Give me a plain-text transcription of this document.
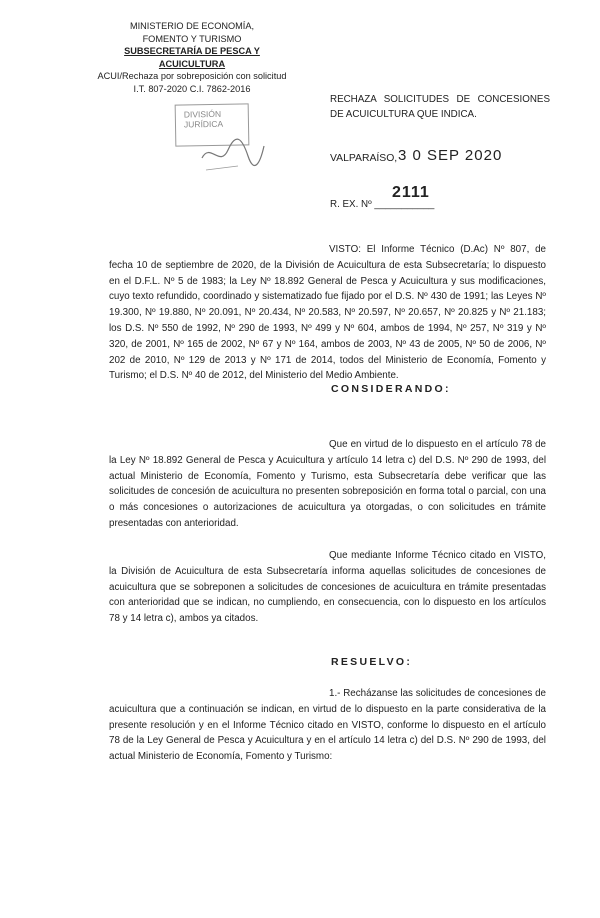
MINISTERIO DE ECONOMÍA,
FOMENTO Y TURISMO
SUBSECRETARÍA DE PESCA Y ACUICULTURA
ACUI/Rechaza por sobreposición con solicitud
I.T. 807-2020 C.I. 7862-2016
DIVISIÓN
JURÍDICA
RECHAZA SOLICITUDES DE CONCESIONES DE ACUICULTURA QUE INDICA.
VALPARAÍSO, 3 0 SEP 2020
2111
R. EX. Nº ___________

VISTO: El Informe Técnico (D.Ac) Nº 807, de fecha 10 de septiembre de 2020, de la División de Acuicultura de esta Subsecretaría; lo dispuesto en el D.F.L. Nº 5 de 1983; la Ley Nº 18.892 General de Pesca y Acuicultura y sus modificaciones, cuyo texto refundido, coordinado y sistematizado fue fijado por el D.S. Nº 430 de 1991; las Leyes Nº 19.300, Nº 19.880, Nº 20.091, Nº 20.434, Nº 20.583, Nº 20.597, Nº 20.657, Nº 20.825 y Nº 21.183; los D.S. Nº 550 de 1992, Nº 290 de 1993, Nº 499 y Nº 604, ambos de 1994, Nº 257, Nº 319 y Nº 320, de 2001, Nº 165 de 2002, Nº 67 y Nº 164, ambos de 2003, Nº 43 de 2005, Nº 50 de 2006, Nº 202 de 2010, Nº 129 de 2013 y Nº 171 de 2014, todos del Ministerio de Economía, Fomento y Turismo; el D.S. Nº 40 de 2012, del Ministerio del Medio Ambiente.

CONSIDERANDO:

Que en virtud de lo dispuesto en el artículo 78 de la Ley Nº 18.892 General de Pesca y Acuicultura y artículo 14 letra c) del D.S. Nº 290 de 1993, del actual Ministerio de Economía, Fomento y Turismo, esta Subsecretaría debe verificar que las solicitudes de concesión de acuicultura no presenten sobreposición en forma total o parcial, con una o más concesiones o autorizaciones de acuicultura ya otorgadas, o con solicitudes en trámite presentadas con anterioridad.

Que mediante Informe Técnico citado en VISTO, la División de Acuicultura de esta Subsecretaría informa aquellas solicitudes de concesiones de acuicultura que se sobreponen a solicitudes de concesiones de acuicultura en trámite presentadas con anterioridad que se indican, no cumpliendo, en consecuencia, con lo dispuesto en los artículos 78 y 14 letra c), ambos ya citados.

RESUELVO:

1.- Recházanse las solicitudes de concesiones de acuicultura que a continuación se indican, en virtud de lo dispuesto en la parte considerativa de la presente resolución y en el Informe Técnico citado en VISTO, conforme lo dispuesto en el artículo 78 de la Ley General de Pesca y Acuicultura y en el artículo 14 letra c) del D.S. Nº 290 de 1993, del actual Ministerio de Economía, Fomento y Turismo:
